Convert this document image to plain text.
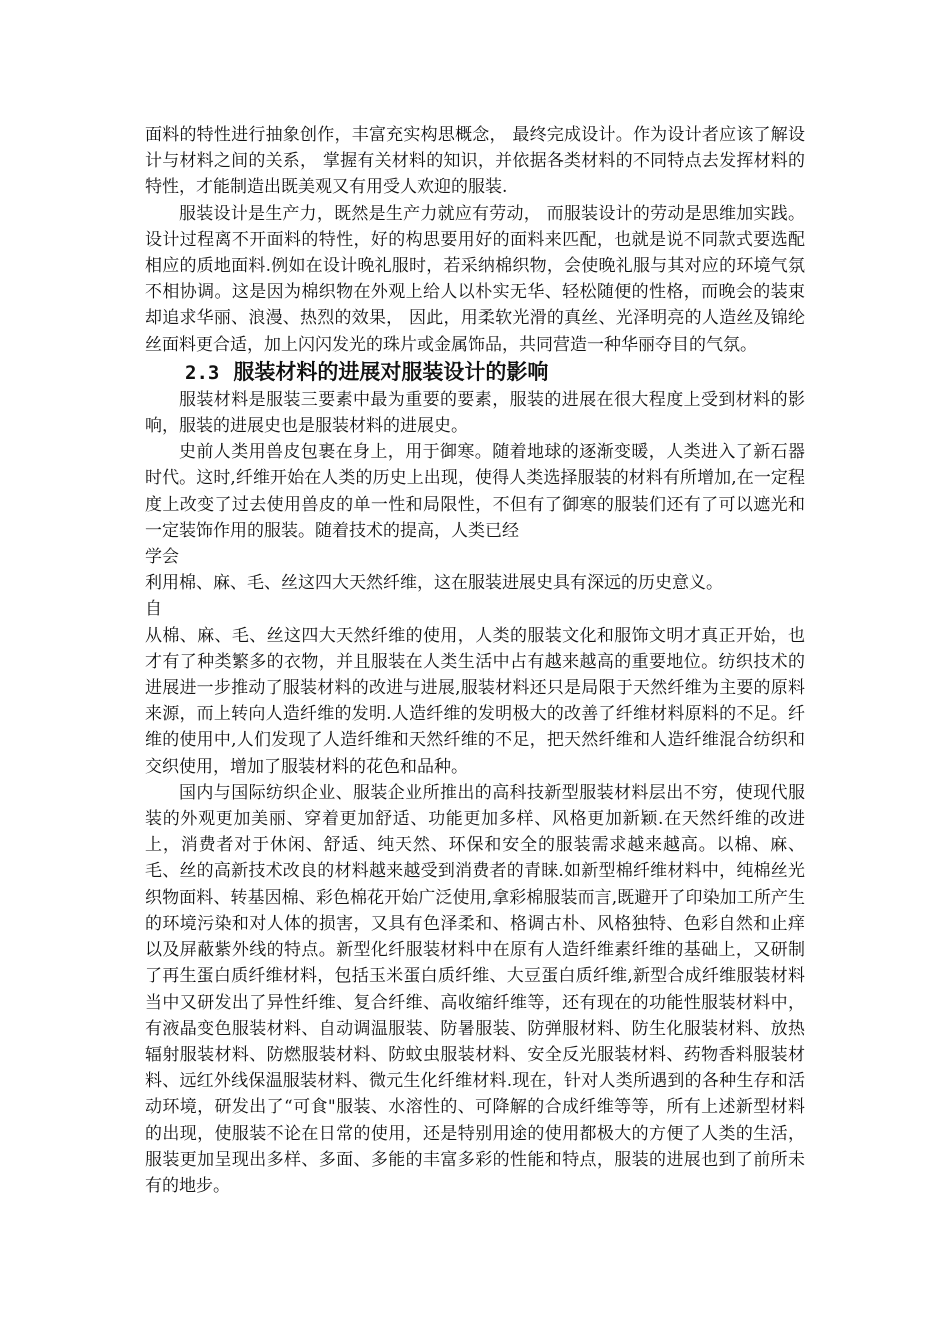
面料的特性进行抽象创作，丰富充实构思概念， 最终完成设计。作为设计者应该了解设计与材料之间的关系， 掌握有关材料的知识，并依据各类材料的不同特点去发挥材料的特性，才能制造出既美观又有用受人欢迎的服装.

服装设计是生产力，既然是生产力就应有劳动， 而服装设计的劳动是思维加实践。设计过程离不开面料的特性，好的构思要用好的面料来匹配，也就是说不同款式要选配相应的质地面料.例如在设计晚礼服时，若采纳棉织物，会使晚礼服与其对应的环境气氛不相协调。这是因为棉织物在外观上给人以朴实无华、轻松随便的性格，而晚会的装束却追求华丽、浪漫、热烈的效果， 因此，用柔软光滑的真丝、光泽明亮的人造丝及锦纶丝面料更合适，加上闪闪发光的珠片或金属饰品，共同营造一种华丽夺目的气氛。

2.3 服装材料的进展对服装设计的影响

服装材料是服装三要素中最为重要的要素，服装的进展在很大程度上受到材料的影响，服装的进展史也是服装材料的进展史。

史前人类用兽皮包裹在身上，用于御寒。随着地球的逐渐变暖，人类进入了新石器时代。这时,纤维开始在人类的历史上出现，使得人类选择服装的材料有所增加,在一定程度上改变了过去使用兽皮的单一性和局限性，不但有了御寒的服装们还有了可以遮光和一定装饰作用的服装。随着技术的提高，人类已经

学会

利用棉、麻、毛、丝这四大天然纤维，这在服装进展史具有深远的历史意义。

自

从棉、麻、毛、丝这四大天然纤维的使用，人类的服装文化和服饰文明才真正开始，也才有了种类繁多的衣物，并且服装在人类生活中占有越来越高的重要地位。纺织技术的进展进一步推动了服装材料的改进与进展,服装材料还只是局限于天然纤维为主要的原料来源，而上转向人造纤维的发明.人造纤维的发明极大的改善了纤维材料原料的不足。纤维的使用中,人们发现了人造纤维和天然纤维的不足，把天然纤维和人造纤维混合纺织和交织使用，增加了服装材料的花色和品种。

国内与国际纺织企业、服装企业所推出的高科技新型服装材料层出不穷，使现代服装的外观更加美丽、穿着更加舒适、功能更加多样、风格更加新颖.在天然纤维的改进上，消费者对于休闲、舒适、纯天然、环保和安全的服装需求越来越高。以棉、麻、毛、丝的高新技术改良的材料越来越受到消费者的青睐.如新型棉纤维材料中，纯棉丝光织物面料、转基因棉、彩色棉花开始广泛使用,拿彩棉服装而言,既避开了印染加工所产生的环境污染和对人体的损害，又具有色泽柔和、格调古朴、风格独特、色彩自然和止痒以及屏蔽紫外线的特点。新型化纤服装材料中在原有人造纤维素纤维的基础上，又研制了再生蛋白质纤维材料，包括玉米蛋白质纤维、大豆蛋白质纤维,新型合成纤维服装材料当中又研发出了异性纤维、复合纤维、高收缩纤维等，还有现在的功能性服装材料中，有液晶变色服装材料、自动调温服装、防暑服装、防弹服材料、防生化服装材料、放热辐射服装材料、防燃服装材料、防蚊虫服装材料、安全反光服装材料、药物香料服装材料、远红外线保温服装材料、微元生化纤维材料.现在，针对人类所遇到的各种生存和活动环境，研发出了“可食"服装、水溶性的、可降解的合成纤维等等，所有上述新型材料的出现，使服装不论在日常的使用，还是特别用途的使用都极大的方便了人类的生活，服装更加呈现出多样、多面、多能的丰富多彩的性能和特点，服装的进展也到了前所未有的地步。
